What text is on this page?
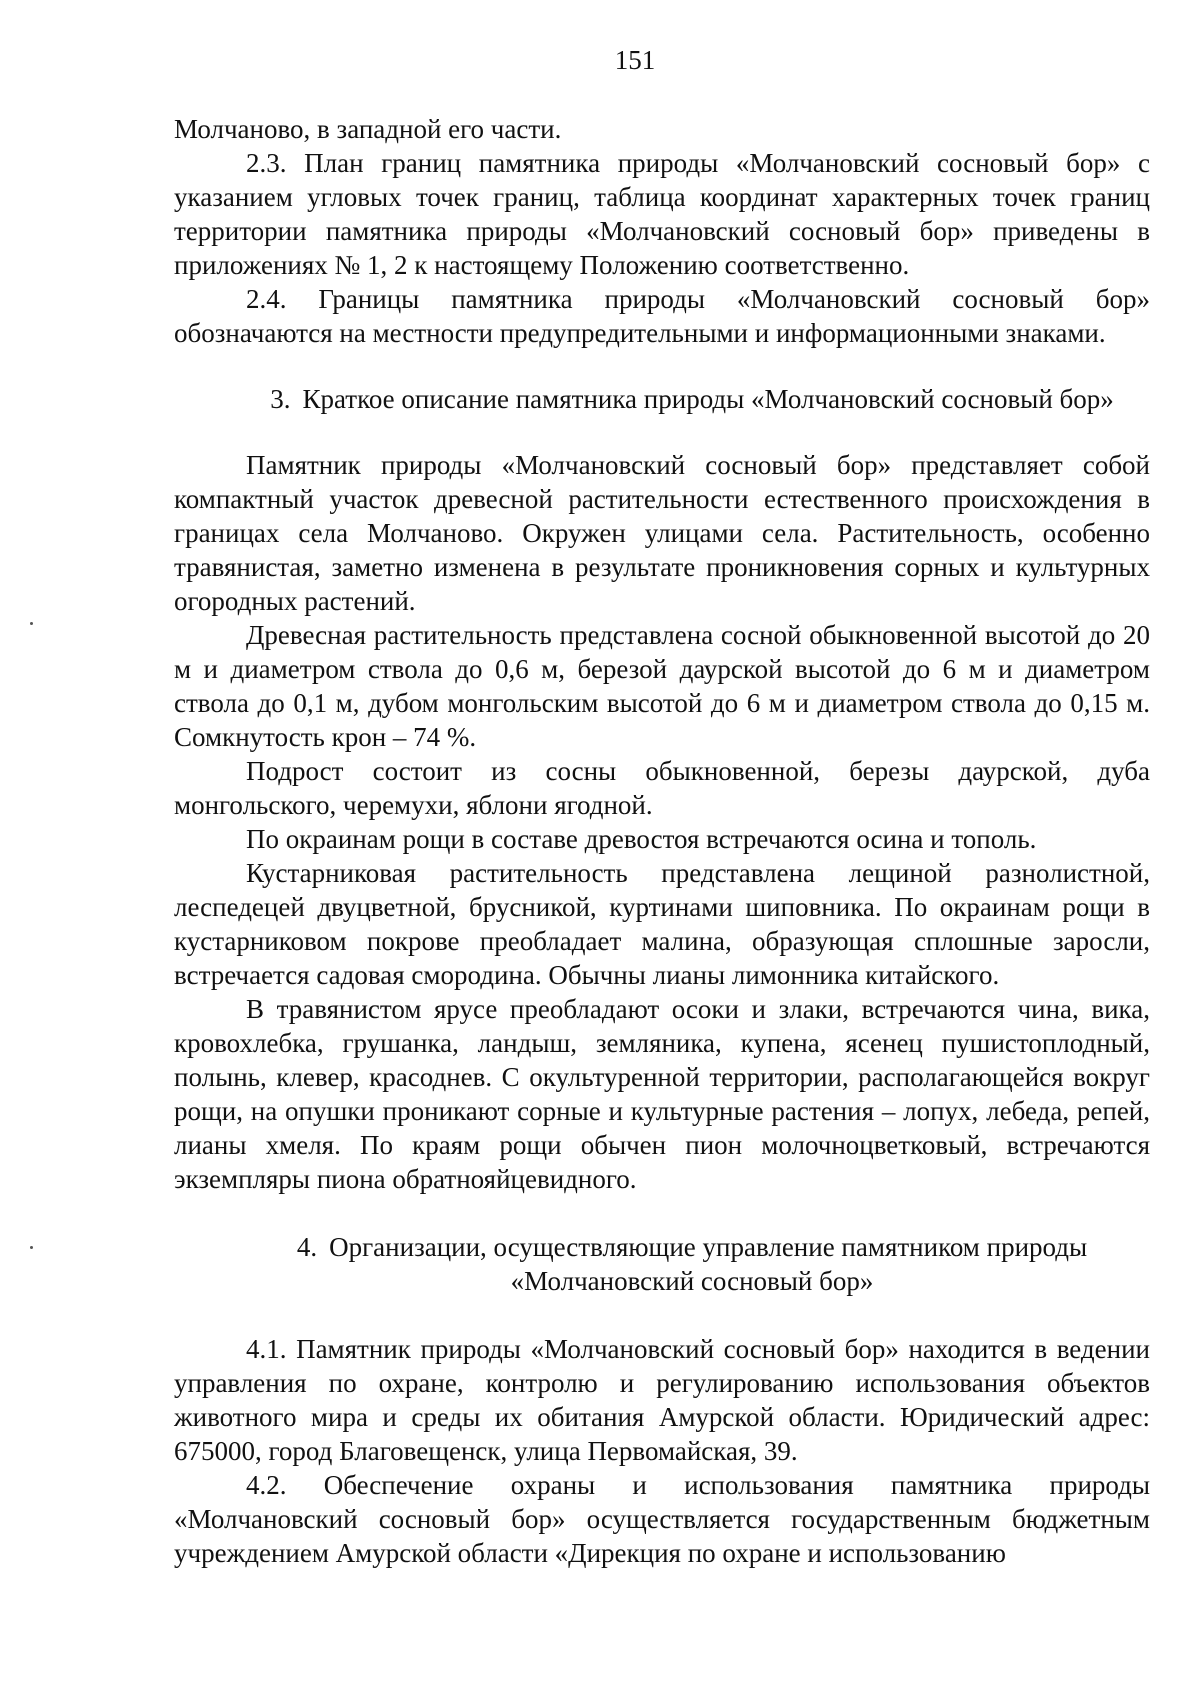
151

Молчаново, в западной его части.

2.3. План границ памятника природы «Молчановский сосновый бор» с указанием угловых точек границ, таблица координат характерных точек границ территории памятника природы «Молчановский сосновый бор» приведены в приложениях № 1, 2 к настоящему Положению соответственно.

2.4. Границы памятника природы «Молчановский сосновый бор» обозначаются на местности предупредительными и информационными знаками.

3. Краткое описание памятника природы «Молчановский сосновый бор»

Памятник природы «Молчановский сосновый бор» представляет собой компактный участок древесной растительности естественного происхождения в границах села Молчаново. Окружен улицами села. Растительность, особенно травянистая, заметно изменена в результате проникновения сорных и культурных огородных растений.

Древесная растительность представлена сосной обыкновенной высотой до 20 м и диаметром ствола до 0,6 м, березой даурской высотой до 6 м и диаметром ствола до 0,1 м, дубом монгольским высотой до 6 м и диаметром ствола до 0,15 м. Сомкнутость крон – 74 %.

Подрост состоит из сосны обыкновенной, березы даурской, дуба монгольского, черемухи, яблони ягодной.

По окраинам рощи в составе древостоя встречаются осина и тополь.

Кустарниковая растительность представлена лещиной разнолистной, леспедецей двуцветной, брусникой, куртинами шиповника. По окраинам рощи в кустарниковом покрове преобладает малина, образующая сплошные заросли, встречается садовая смородина. Обычны лианы лимонника китайского.

В травянистом ярусе преобладают осоки и злаки, встречаются чина, вика, кровохлебка, грушанка, ландыш, земляника, купена, ясенец пушистоплодный, полынь, клевер, красоднев. С окультуренной территории, располагающейся вокруг рощи, на опушки проникают сорные и культурные растения – лопух, лебеда, репей, лианы хмеля. По краям рощи обычен пион молочноцветковый, встречаются экземпляры пиона обратнояйцевидного.

4. Организации, осуществляющие управление памятником природы
«Молчановский сосновый бор»

4.1. Памятник природы «Молчановский сосновый бор» находится в ведении управления по охране, контролю и регулированию использования объектов животного мира и среды их обитания Амурской области. Юридический адрес: 675000, город Благовещенск, улица Первомайская, 39.

4.2. Обеспечение охраны и использования памятника природы «Молчановский сосновый бор» осуществляется государственным бюджетным учреждением Амурской области «Дирекция по охране и использованию
